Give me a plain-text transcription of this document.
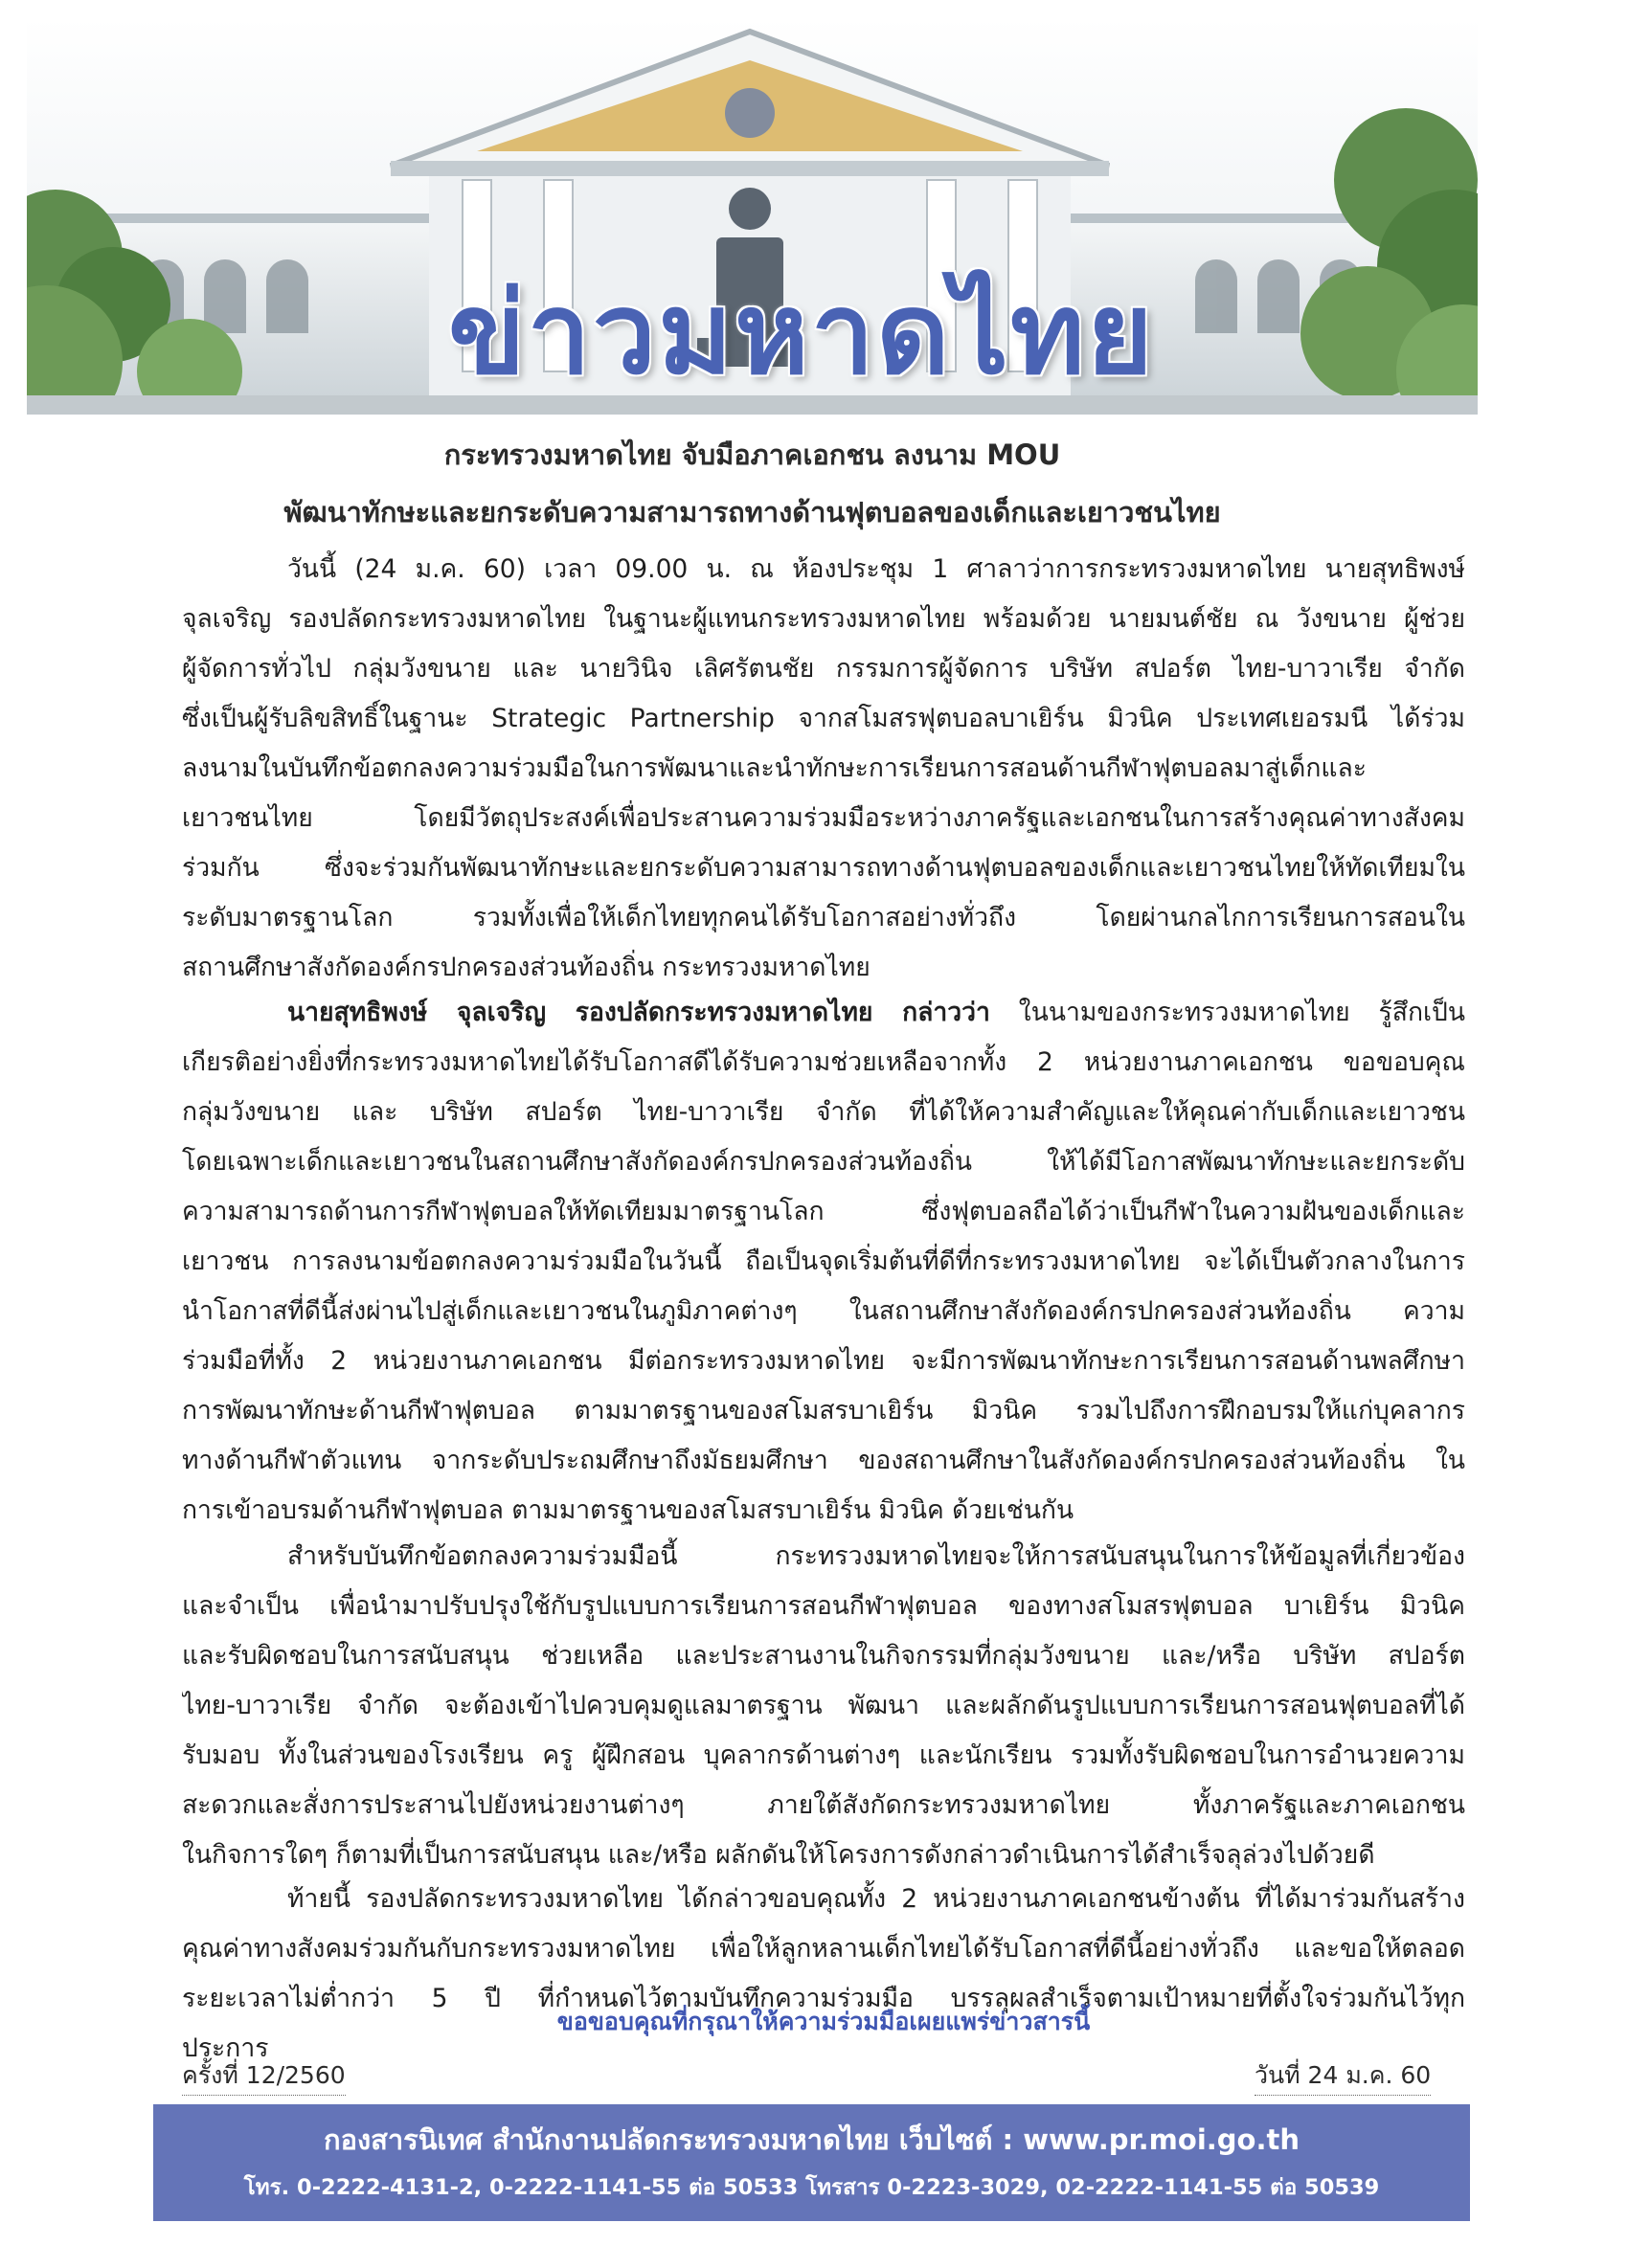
ข่าวมหาดไทย
กระทรวงมหาดไทย จับมือภาคเอกชน ลงนาม MOU
พัฒนาทักษะและยกระดับความสามารถทางด้านฟุตบอลของเด็กและเยาวชนไทย
วันนี้ (24 ม.ค. 60) เวลา 09.00 น. ณ ห้องประชุม 1 ศาลาว่าการกระทรวงมหาดไทย นายสุทธิพงษ์
จุลเจริญ รองปลัดกระทรวงมหาดไทย ในฐานะผู้แทนกระทรวงมหาดไทย พร้อมด้วย นายมนต์ชัย ณ วังขนาย ผู้ช่วย
ผู้จัดการทั่วไป กลุ่มวังขนาย และ นายวินิจ เลิศรัตนชัย กรรมการผู้จัดการ บริษัท สปอร์ต ไทย-บาวาเรีย จำกัด
ซึ่งเป็นผู้รับลิขสิทธิ์ในฐานะ Strategic Partnership จากสโมสรฟุตบอลบาเยิร์น มิวนิค ประเทศเยอรมนี ได้ร่วม
ลงนามในบันทึกข้อตกลงความร่วมมือในการพัฒนาและนำทักษะการเรียนการสอนด้านกีฬาฟุตบอลมาสู่เด็กและ
เยาวชนไทย โดยมีวัตถุประสงค์เพื่อประสานความร่วมมือระหว่างภาครัฐและเอกชนในการสร้างคุณค่าทางสังคม
ร่วมกัน ซึ่งจะร่วมกันพัฒนาทักษะและยกระดับความสามารถทางด้านฟุตบอลของเด็กและเยาวชนไทยให้ทัดเทียมใน
ระดับมาตรฐานโลก รวมทั้งเพื่อให้เด็กไทยทุกคนได้รับโอกาสอย่างทั่วถึง โดยผ่านกลไกการเรียนการสอนใน
สถานศึกษาสังกัดองค์กรปกครองส่วนท้องถิ่น กระทรวงมหาดไทย
นายสุทธิพงษ์ จุลเจริญ รองปลัดกระทรวงมหาดไทย กล่าวว่า ในนามของกระทรวงมหาดไทย รู้สึกเป็น
เกียรติอย่างยิ่งที่กระทรวงมหาดไทยได้รับโอกาสดีได้รับความช่วยเหลือจากทั้ง 2 หน่วยงานภาคเอกชน ขอขอบคุณ
กลุ่มวังขนาย และ บริษัท สปอร์ต ไทย-บาวาเรีย จำกัด ที่ได้ให้ความสำคัญและให้คุณค่ากับเด็กและเยาวชน
โดยเฉพาะเด็กและเยาวชนในสถานศึกษาสังกัดองค์กรปกครองส่วนท้องถิ่น ให้ได้มีโอกาสพัฒนาทักษะและยกระดับ
ความสามารถด้านการกีฬาฟุตบอลให้ทัดเทียมมาตรฐานโลก ซึ่งฟุตบอลถือได้ว่าเป็นกีฬาในความฝันของเด็กและ
เยาวชน การลงนามข้อตกลงความร่วมมือในวันนี้ ถือเป็นจุดเริ่มต้นที่ดีที่กระทรวงมหาดไทย จะได้เป็นตัวกลางในการ
นำโอกาสที่ดีนี้ส่งผ่านไปสู่เด็กและเยาวชนในภูมิภาคต่างๆ ในสถานศึกษาสังกัดองค์กรปกครองส่วนท้องถิ่น ความ
ร่วมมือที่ทั้ง 2 หน่วยงานภาคเอกชน มีต่อกระทรวงมหาดไทย จะมีการพัฒนาทักษะการเรียนการสอนด้านพลศึกษา
การพัฒนาทักษะด้านกีฬาฟุตบอล ตามมาตรฐานของสโมสรบาเยิร์น มิวนิค รวมไปถึงการฝึกอบรมให้แก่บุคลากร
ทางด้านกีฬาตัวแทน จากระดับประถมศึกษาถึงมัธยมศึกษา ของสถานศึกษาในสังกัดองค์กรปกครองส่วนท้องถิ่น ใน
การเข้าอบรมด้านกีฬาฟุตบอล ตามมาตรฐานของสโมสรบาเยิร์น มิวนิค ด้วยเช่นกัน
สำหรับบันทึกข้อตกลงความร่วมมือนี้ กระทรวงมหาดไทยจะให้การสนับสนุนในการให้ข้อมูลที่เกี่ยวข้อง
และจำเป็น เพื่อนำมาปรับปรุงใช้กับรูปแบบการเรียนการสอนกีฬาฟุตบอล ของทางสโมสรฟุตบอล บาเยิร์น มิวนิค
และรับผิดชอบในการสนับสนุน ช่วยเหลือ และประสานงานในกิจกรรมที่กลุ่มวังขนาย และ/หรือ บริษัท สปอร์ต
ไทย-บาวาเรีย จำกัด จะต้องเข้าไปควบคุมดูแลมาตรฐาน พัฒนา และผลักดันรูปแบบการเรียนการสอนฟุตบอลที่ได้
รับมอบ ทั้งในส่วนของโรงเรียน ครู ผู้ฝึกสอน บุคลากรด้านต่างๆ และนักเรียน รวมทั้งรับผิดชอบในการอำนวยความ
สะดวกและสั่งการประสานไปยังหน่วยงานต่างๆ ภายใต้สังกัดกระทรวงมหาดไทย ทั้งภาครัฐและภาคเอกชน
ในกิจการใดๆ ก็ตามที่เป็นการสนับสนุน และ/หรือ ผลักดันให้โครงการดังกล่าวดำเนินการได้สำเร็จลุล่วงไปด้วยดี
ท้ายนี้ รองปลัดกระทรวงมหาดไทย ได้กล่าวขอบคุณทั้ง 2 หน่วยงานภาคเอกชนข้างต้น ที่ได้มาร่วมกันสร้าง
คุณค่าทางสังคมร่วมกันกับกระทรวงมหาดไทย เพื่อให้ลูกหลานเด็กไทยได้รับโอกาสที่ดีนี้อย่างทั่วถึง และขอให้ตลอด
ระยะเวลาไม่ต่ำกว่า 5 ปี ที่กำหนดไว้ตามบันทึกความร่วมมือ บรรลุผลสำเร็จตามเป้าหมายที่ตั้งใจร่วมกันไว้ทุก
ประการ
ขอขอบคุณที่กรุณาให้ความร่วมมือเผยแพร่ข่าวสารนี้
ครั้งที่ 12/2560	วันที่ 24 ม.ค. 60
กองสารนิเทศ สำนักงานปลัดกระทรวงมหาดไทย เว็บไซต์ : www.pr.moi.go.th
โทร. 0-2222-4131-2, 0-2222-1141-55 ต่อ 50533 โทรสาร 0-2223-3029, 02-2222-1141-55 ต่อ 50539
